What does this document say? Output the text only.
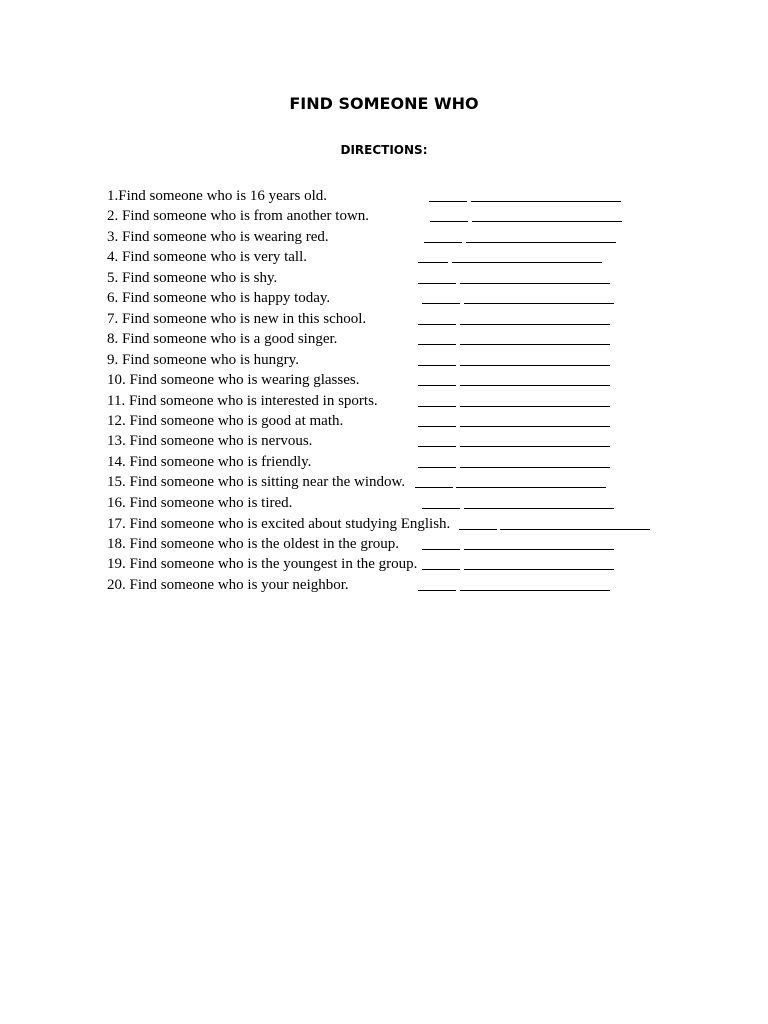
FIND SOMEONE WHO
DIRECTIONS:
1.Find someone who is 16 years old.
2. Find someone who is from another town.
3. Find someone who is wearing red.
4. Find someone who is very tall.
5. Find someone who is shy.
6. Find someone who is happy today.
7. Find someone who is new in this school.
8. Find someone who is a good singer.
9. Find someone who is hungry.
10. Find someone who is wearing glasses.
11. Find someone who is interested in sports.
12. Find someone who is good at math.
13. Find someone who is nervous.
14. Find someone who is friendly.
15. Find someone who is sitting near the window.
16. Find someone who is tired.
17. Find someone who is excited about studying English.
18. Find someone who is the oldest in the group.
19. Find someone who is the youngest in the group.
20. Find someone who is your neighbor.
